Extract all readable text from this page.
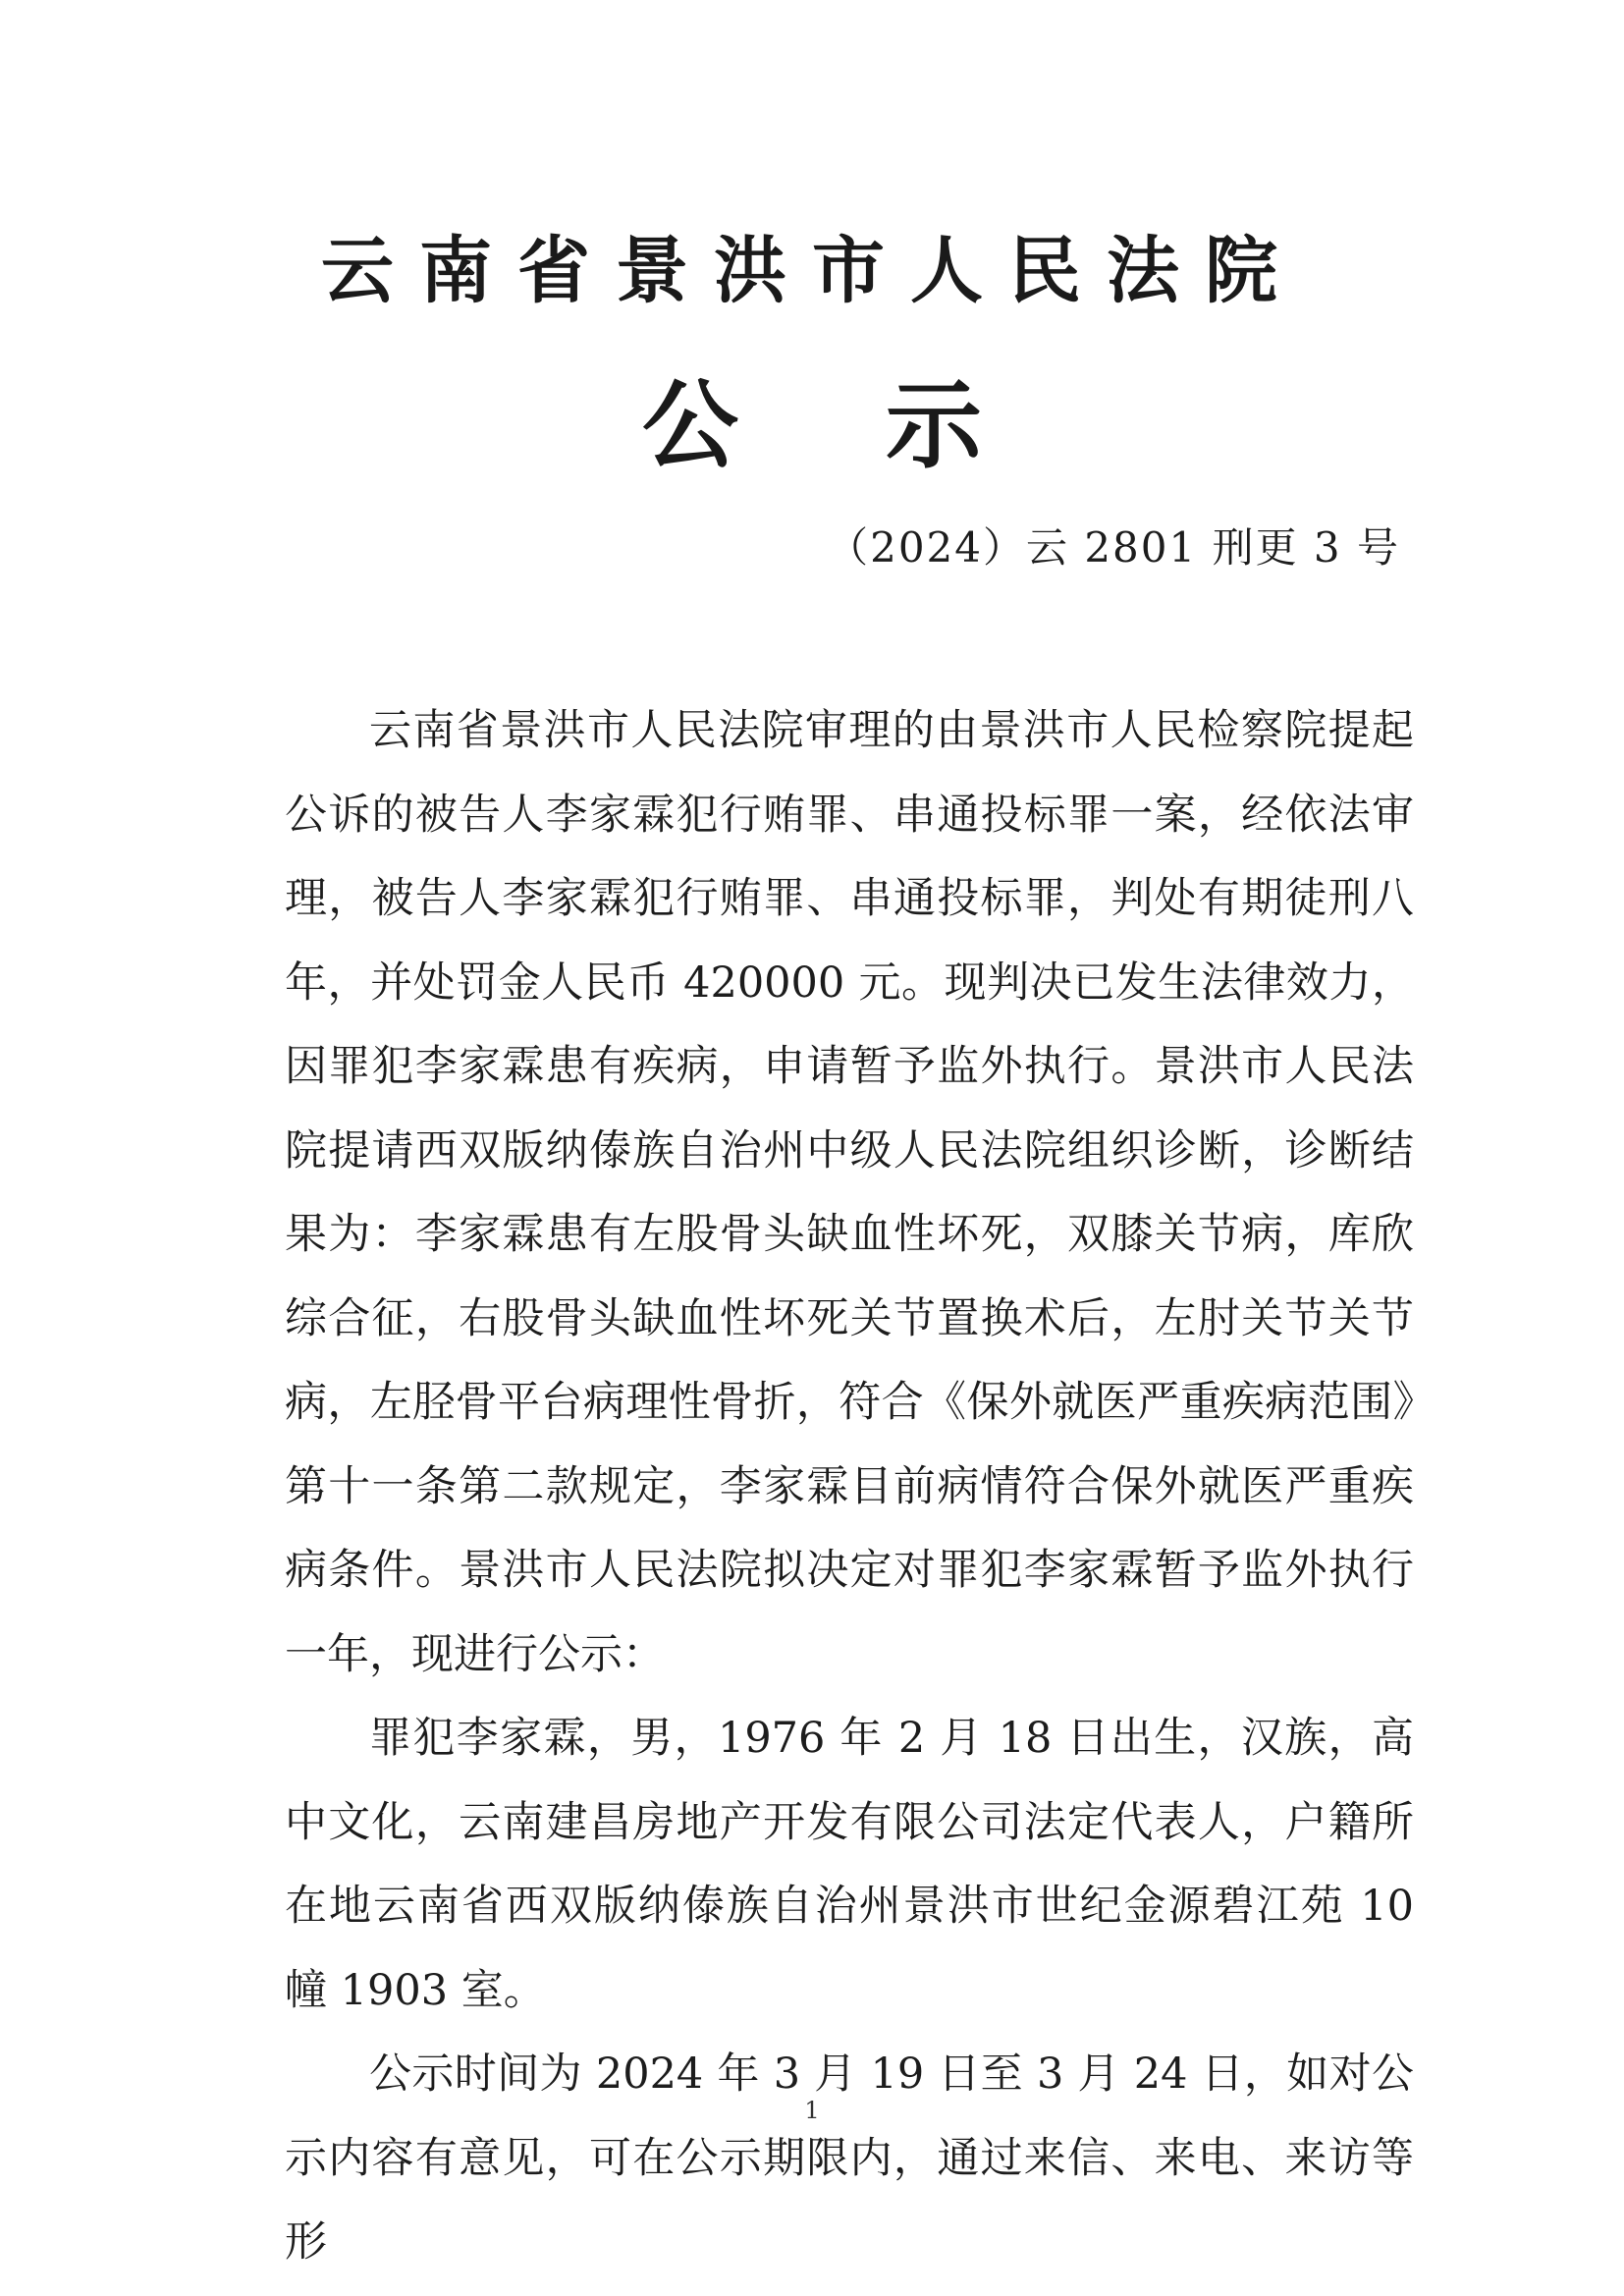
云南省景洪市人民法院
公示
（2024）云 2801 刑更 3 号

云南省景洪市人民法院审理的由景洪市人民检察院提起公诉的被告人李家霖犯行贿罪、串通投标罪一案，经依法审理，被告人李家霖犯行贿罪、串通投标罪，判处有期徒刑八年，并处罚金人民币 420000 元。现判决已发生法律效力，因罪犯李家霖患有疾病，申请暂予监外执行。景洪市人民法院提请西双版纳傣族自治州中级人民法院组织诊断，诊断结果为：李家霖患有左股骨头缺血性坏死，双膝关节病，库欣综合征，右股骨头缺血性坏死关节置换术后，左肘关节关节病，左胫骨平台病理性骨折，符合《保外就医严重疾病范围》第十一条第二款规定，李家霖目前病情符合保外就医严重疾病条件。景洪市人民法院拟决定对罪犯李家霖暂予监外执行一年，现进行公示：

罪犯李家霖，男，1976 年 2 月 18 日出生，汉族，高中文化，云南建昌房地产开发有限公司法定代表人，户籍所在地云南省西双版纳傣族自治州景洪市世纪金源碧江苑 10 幢 1903 室。

公示时间为 2024 年 3 月 19 日至 3 月 24 日，如对公示内容有意见，可在公示期限内，通过来信、来电、来访等形

1
